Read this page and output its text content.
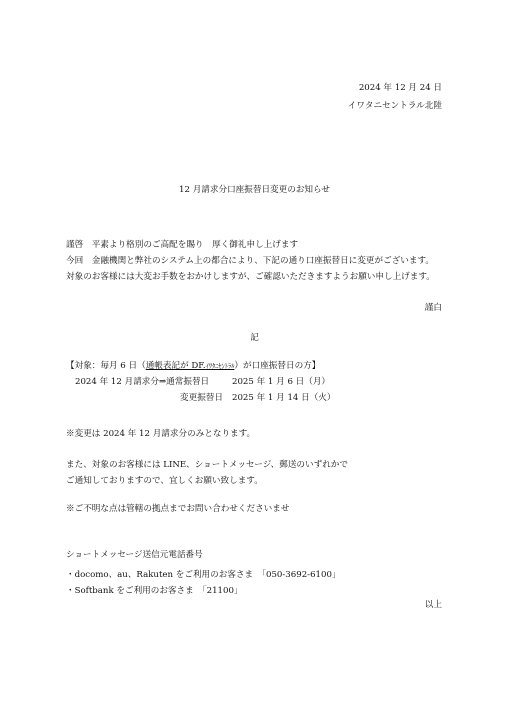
2024 年 12 月 24 日
イワタニセントラル北陸
12 月請求分口座振替日変更のお知らせ
謹啓　平素より格別のご高配を賜り　厚く御礼申し上げます
今回　金融機関と弊社のシステム上の都合により、下記の通り口座振替日に変更がございます。
対象のお客様には大変お手数をおかけしますが、ご確認いただきますようお願い申し上げます。
謹白
記
【対象：毎月 6 日（通帳表記が DF.ｲﾜﾀﾆｾﾝﾄﾗﾙ）が口座振替日の方】
2024 年 12 月請求分⇒通常振替日	2025 年 1 月 6 日（月）
変更振替日 2025 年 1 月 14 日（火）
※変更は 2024 年 12 月請求分のみとなります。
また、対象のお客様には LINE、ショートメッセージ、郵送のいずれかで
ご通知しておりますので、宜しくお願い致します。
※ご不明な点は管轄の拠点までお問い合わせくださいませ
ショートメッセージ送信元電話番号
・docomo、au、Rakuten をご利用のお客さま　「050-3692-6100」
・Softbank をご利用のお客さま　「21100」
以上
